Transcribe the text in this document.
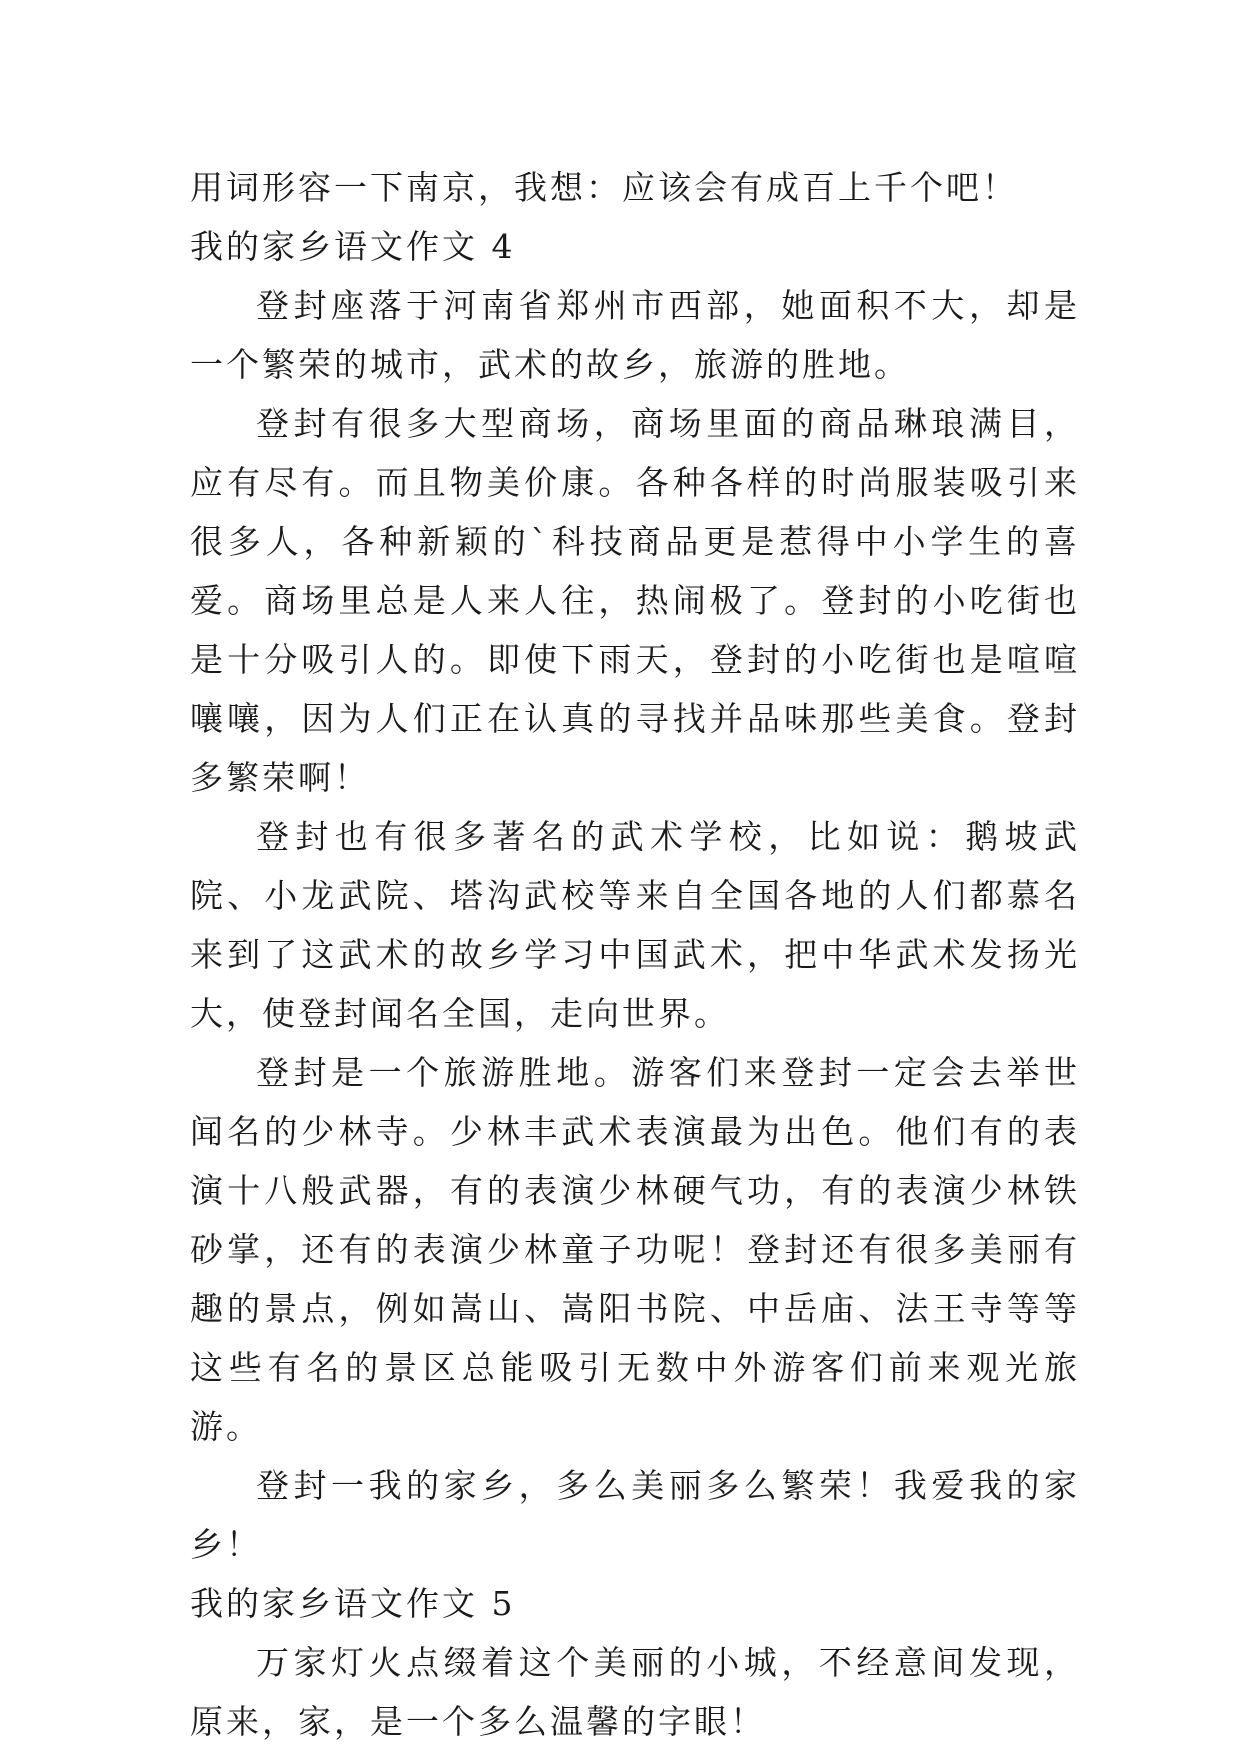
用词形容一下南京，我想：应该会有成百上千个吧！

我的家乡语文作文 4

登封座落于河南省郑州市西部，她面积不大，却是一个繁荣的城市，武术的故乡，旅游的胜地。

登封有很多大型商场，商场里面的商品琳琅满目，应有尽有。而且物美价康。各种各样的时尚服装吸引来很多人，各种新颖的`科技商品更是惹得中小学生的喜爱。商场里总是人来人往，热闹极了。登封的小吃街也是十分吸引人的。即使下雨天，登封的小吃街也是喧喧嚷嚷，因为人们正在认真的寻找并品味那些美食。登封多繁荣啊！

登封也有很多著名的武术学校，比如说：鹅坡武院、小龙武院、塔沟武校等来自全国各地的人们都慕名来到了这武术的故乡学习中国武术，把中华武术发扬光大，使登封闻名全国，走向世界。

登封是一个旅游胜地。游客们来登封一定会去举世闻名的少林寺。少林丰武术表演最为出色。他们有的表演十八般武器，有的表演少林硬气功，有的表演少林铁砂掌，还有的表演少林童子功呢！登封还有很多美丽有趣的景点，例如嵩山、嵩阳书院、中岳庙、法王寺等等这些有名的景区总能吸引无数中外游客们前来观光旅游。

登封一我的家乡，多么美丽多么繁荣！我爱我的家乡！

我的家乡语文作文 5

万家灯火点缀着这个美丽的小城，不经意间发现，原来，家，是一个多么温馨的字眼！
